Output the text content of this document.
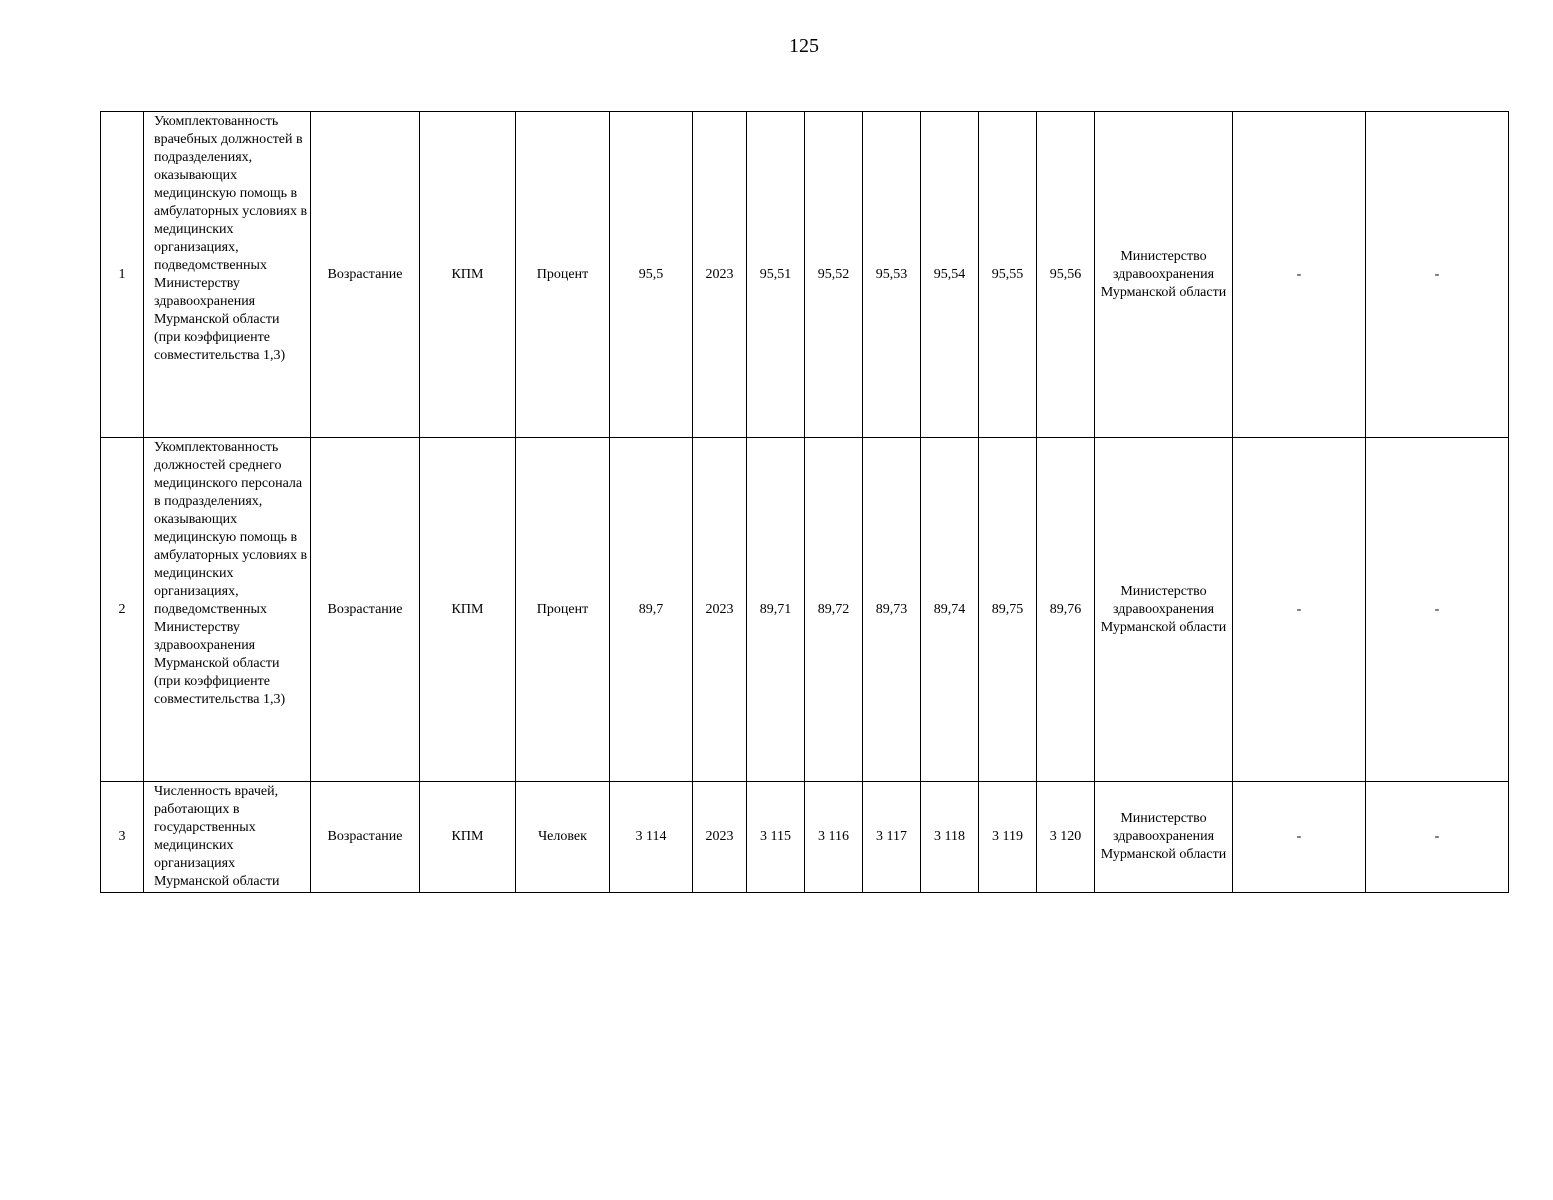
125
1	Укомплектованность врачебных должностей в подразделениях, оказывающих медицинскую помощь в амбулаторных условиях в медицинских организациях, подведомственных Министерству здравоохранения Мурманской области (при коэффициенте совместительства 1,3)	Возрастание	КПМ	Процент	95,5	2023	95,51	95,52	95,53	95,54	95,55	95,56	Министерство здравоохранения Мурманской области	-	-
2	Укомплектованность должностей среднего медицинского персонала в подразделениях, оказывающих медицинскую помощь в амбулаторных условиях в медицинских организациях, подведомственных Министерству здравоохранения Мурманской области (при коэффициенте совместительства 1,3)	Возрастание	КПМ	Процент	89,7	2023	89,71	89,72	89,73	89,74	89,75	89,76	Министерство здравоохранения Мурманской области	-	-
3	Численность врачей, работающих в государственных медицинских организациях Мурманской области	Возрастание	КПМ	Человек	3 114	2023	3 115	3 116	3 117	3 118	3 119	3 120	Министерство здравоохранения Мурманской области	-	-
